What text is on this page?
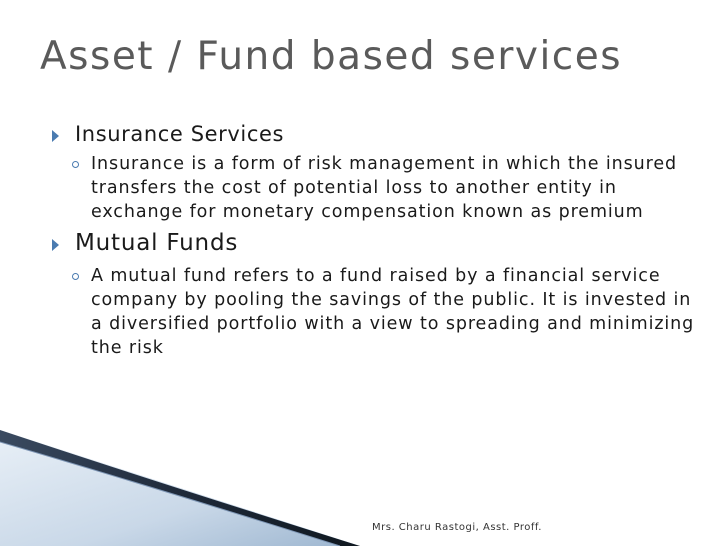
Asset / Fund based services
Insurance Services
Insurance is a form of risk management in which the insured transfers the cost of potential loss to another entity in exchange for monetary compensation known as premium
Mutual Funds
A mutual fund refers to a fund raised by a financial service company by pooling the savings of the public. It is invested in a diversified portfolio with a view to spreading and minimizing the risk
Mrs. Charu Rastogi, Asst. Proff.
